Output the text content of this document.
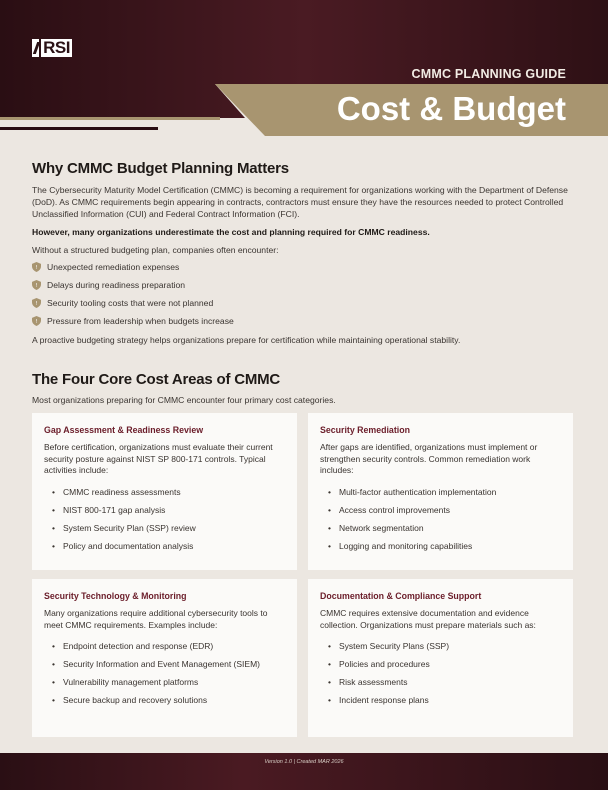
RSI
CMMC PLANNING GUIDE
Cost & Budget
Why CMMC Budget Planning Matters

The Cybersecurity Maturity Model Certification (CMMC) is becoming a requirement for organizations working with the Department of Defense (DoD). As CMMC requirements begin appearing in contracts, contractors must ensure they have the resources needed to protect Controlled Unclassified Information (CUI) and Federal Contract Information (FCI).

However, many organizations underestimate the cost and planning required for CMMC readiness.

Without a structured budgeting plan, companies often encounter:

! Unexpected remediation expenses
! Delays during readiness preparation
! Security tooling costs that were not planned
! Pressure from leadership when budgets increase

A proactive budgeting strategy helps organizations prepare for certification while maintaining operational stability.

The Four Core Cost Areas of CMMC

Most organizations preparing for CMMC encounter four primary cost categories.

Gap Assessment & Readiness Review

Before certification, organizations must evaluate their current security posture against NIST SP 800-171 controls. Typical activities include:

• CMMC readiness assessments
• NIST 800-171 gap analysis
• System Security Plan (SSP) review
• Policy and documentation analysis
Security Remediation

After gaps are identified, organizations must implement or strengthen security controls. Common remediation work includes:

• Multi-factor authentication implementation
• Access control improvements
• Network segmentation
• Logging and monitoring capabilities
Security Technology & Monitoring

Many organizations require additional cybersecurity tools to meet CMMC requirements. Examples include:

• Endpoint detection and response (EDR)
• Security Information and Event Management (SIEM)
• Vulnerability management platforms
• Secure backup and recovery solutions
Documentation & Compliance Support

CMMC requires extensive documentation and evidence collection. Organizations must prepare materials such as:

• System Security Plans (SSP)
• Policies and procedures
• Risk assessments
• Incident response plans
Version 1.0 | Created MAR 2026
